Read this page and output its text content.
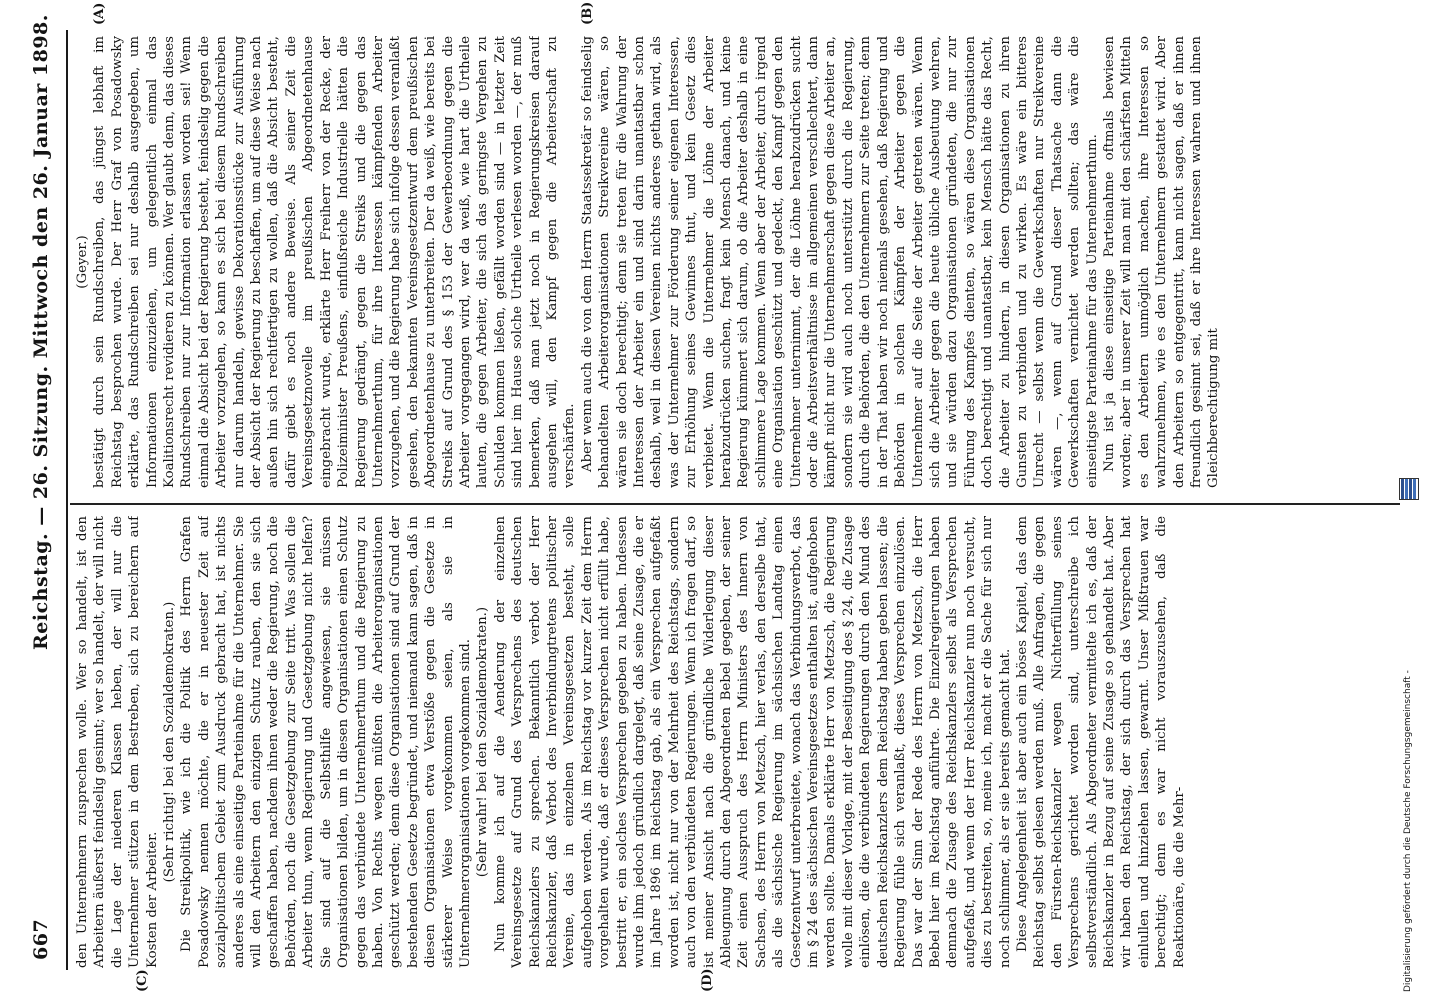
667
Reichstag. — 26. Sitzung. Mittwoch den 26. Januar 1898.
(C)	(D)
(A)	(B)

den Unternehmern zusprechen wolle. Wer so handelt, ist den Arbeitern äußerst feindselig gesinnt; wer so handelt, der will nicht die Lage der niederen Klassen heben, der will nur die Unternehmer stützen in dem Bestreben, sich zu bereichern auf Kosten der Arbeiter.

(Sehr richtig! bei den Sozialdemokraten.) Die Streikpolitik, wie ich die Politik des Herrn Grafen Posadowsky nennen möchte, die er in neuester Zeit auf sozialpolitischem Gebiet zum Ausdruck gebracht hat, ist nichts anderes als eine einseitige Parteinahme für die Unternehmer. Sie will den Arbeitern den einzigen Schutz rauben, den sie sich geschaffen haben, nachdem ihnen weder die Regierung, noch die Behörden, noch die Gesetzgebung zur Seite tritt. Was sollen die Arbeiter thun, wenn Regierung und Gesetzgebung nicht helfen? Sie sind auf die Selbsthilfe angewiesen, sie müssen Organisationen bilden, um in diesen Organisationen einen Schutz gegen das verbündete Unternehmerthum und die Regierung zu haben. Von Rechts wegen müßten die Arbeiterorganisationen geschützt werden; denn diese Organisationen sind auf Grund der bestehenden Gesetze begründet, und niemand kann sagen, daß in diesen Organisationen etwa Verstöße gegen die Gesetze in stärkerer Weise vorgekommen seien, als sie in Unternehmerorganisationen vorgekommen sind. (Sehr wahr! bei den Sozialdemokraten.) Nun komme ich auf die Aenderung der einzelnen Vereinsgesetze auf Grund des Versprechens des deutschen Reichskanzlers zu sprechen. Bekanntlich verbot der Herr Reichskanzler, daß Verbot des Inverbindungtretens politischer Vereine, das in einzelnen Vereinsgesetzen besteht, solle aufgehoben werden. Als im Reichstag vor kurzer Zeit dem Herrn vorgehalten wurde, daß er dieses Versprechen nicht erfüllt habe, bestritt er, ein solches Versprechen gegeben zu haben. Indessen wurde ihm jedoch gründlich dargelegt, daß seine Zusage, die er im Jahre 1896 im Reichstag gab, als ein Versprechen aufgefaßt worden ist, nicht nur von der Mehrheit des Reichstags, sondern auch von den verbündeten Regierungen. Wenn ich fragen darf, so ist meiner Ansicht nach die gründliche Widerlegung dieser Ableugnung durch den Abgeordneten Bebel gegeben, der seiner Zeit einen Ausspruch des Herrn Ministers des Innern von Sachsen, des Herrn von Metzsch, hier verlas, den derselbe that, als die sächsische Regierung im sächsischen Landtag einen Gesetzentwurf unterbreitete, wonach das Verbindungsverbot, das im § 24 des sächsischen Vereinsgesetzes enthalten ist, aufgehoben werden sollte. Damals erklärte Herr von Metzsch, die Regierung wolle mit dieser Vorlage, mit der Beseitigung des § 24, die Zusage einlösen, die die verbündeten Regierungen durch den Mund des deutschen Reichskanzlers dem Reichstag haben geben lassen; die Regierung fühle sich veranlaßt, dieses Versprechen einzulösen. Das war der Sinn der Rede des Herrn von Metzsch, die Herr Bebel hier im Reichstag anführte. Die Einzelregierungen haben demnach die Zusage des Reichskanzlers selbst als Versprechen aufgefaßt, und wenn der Herr Reichskanzler nun noch versucht, dies zu bestreiten, so, meine ich, macht er die Sache für sich nur noch schlimmer, als er sie bereits gemacht hat. Diese Angelegenheit ist aber auch ein böses Kapitel, das dem Reichstag selbst gelesen werden muß. Alle Anfragen, die gegen den Fürsten-Reichskanzler wegen Nichterfüllung seines Versprechens gerichtet worden sind, unterschreibe ich selbstverständlich. Als Abgeordneter vermittelte ich es, daß der Reichskanzler in Bezug auf seine Zusage so gehandelt hat. Aber wir haben den Reichstag, der sich durch das Versprechen hat einlullen und hinziehen lassen, gewarnt. Unser Mißtrauen war berechtigt; denn es war nicht vorauszusehen, daß die Reaktionäre, die die Mehr-

(Geyer.) bestätigt durch sein Rundschreiben, das jüngst lebhaft im Reichstag besprochen wurde. Der Herr Graf von Posadowsky erklärte, das Rundschreiben sei nur deshalb ausgegeben, um Informationen einzuziehen, um gelegentlich einmal das Koalitionsrecht revidieren zu können. Wer glaubt denn, das dieses Rundschreiben nur zur Information erlassen worden sei! Wenn einmal die Absicht bei der Regierung besteht, feindselig gegen die Arbeiter vorzugehen, so kann es sich bei diesem Rundschreiben nur darum handeln, gewisse Dekorationsstücke zur Ausführung der Absicht der Regierung zu beschaffen, um auf diese Weise nach außen hin sich rechtfertigen zu wollen, daß die Absicht besteht, dafür giebt es noch andere Beweise. Als seiner Zeit die Vereinsgesetznovelle im preußischen Abgeordnetenhause eingebracht wurde, erklärte Herr Freiherr von der Recke, der Polizeiminister Preußens, einflußreiche Industrielle hätten die Regierung gedrängt, gegen die Streiks und die gegen das Unternehmerthum, für ihre Interessen kämpfenden Arbeiter vorzugehen, und die Regierung habe sich infolge dessen veranlaßt gesehen, den bekannten Vereinsgesetzentwurf dem preußischen Abgeordnetenhause zu unterbreiten. Der da weiß, wie bereits bei Streiks auf Grund des § 153 der Gewerbeordnung gegen die Arbeiter vorgegangen wird, wer da weiß, wie hart die Urtheile lauten, die gegen Arbeiter, die sich das geringste Vergehen zu Schulden kommen ließen, gefällt worden sind — in letzter Zeit sind hier im Hause solche Urtheile verlesen worden —, der muß bemerken, daß man jetzt noch in Regierungskreisen darauf ausgehen will, den Kampf gegen die Arbeiterschaft zu verschärfen. Aber wenn auch die von dem Herrn Staatssekretär so feindselig behandelten Arbeiterorganisationen Streikvereine wären, so wären sie doch berechtigt; denn sie treten für die Wahrung der Interessen der Arbeiter ein und sind darin unantastbar schon deshalb, weil in diesen Vereinen nichts anderes gethan wird, als was der Unternehmer zur Förderung seiner eigenen Interessen, zur Erhöhung seines Gewinnes thut, und kein Gesetz dies verbietet. Wenn die Unternehmer die Löhne der Arbeiter herabzudrücken suchen, fragt kein Mensch danach, und keine Regierung kümmert sich darum, ob die Arbeiter deshalb in eine schlimmere Lage kommen. Wenn aber der Arbeiter, durch irgend eine Organisation geschützt und gedeckt, den Kampf gegen den Unternehmer unternimmt, der die Löhne herabzudrücken sucht oder die Arbeitsverhältnisse im allgemeinen verschlechtert, dann kämpft nicht nur die Unternehmerschaft gegen diese Arbeiter an, sondern sie wird auch noch unterstützt durch die Regierung, durch die Behörden, die den Unternehmern zur Seite treten; denn in der That haben wir noch niemals gesehen, daß Regierung und Behörden in solchen Kämpfen der Arbeiter gegen die Unternehmer auf die Seite der Arbeiter getreten wären. Wenn sich die Arbeiter gegen die heute übliche Ausbeutung wehren, und sie würden dazu Organisationen gründeten, die nur zur Führung des Kampfes dienten, so wären diese Organisationen doch berechtigt und unantastbar, kein Mensch hätte das Recht, die Arbeiter zu hindern, in diesen Organisationen zu ihren Gunsten zu verbinden und zu wirken. Es wäre ein bitteres Unrecht — selbst wenn die Gewerkschaften nur Streikvereine wären —, wenn auf Grund dieser Thatsache dann die Gewerkschaften vernichtet werden sollten; das wäre die einseitigste Parteinahme für das Unternehmerthum. Nun ist ja diese einseitige Parteinahme oftmals bewiesen worden; aber in unserer Zeit will man mit den schärfsten Mitteln es den Arbeitern unmöglich machen, ihre Interessen so wahrzunehmen, wie es den Unternehmern gestattet wird. Aber den Arbeitern so entgegentritt, kann nicht sagen, daß er ihnen freundlich gesinnt sei, daß er ihre Interessen wahren und ihnen Gleichberechtigung mit

Digitalisierung gefördert durch die Deutsche Forschungsgemeinschaft -
